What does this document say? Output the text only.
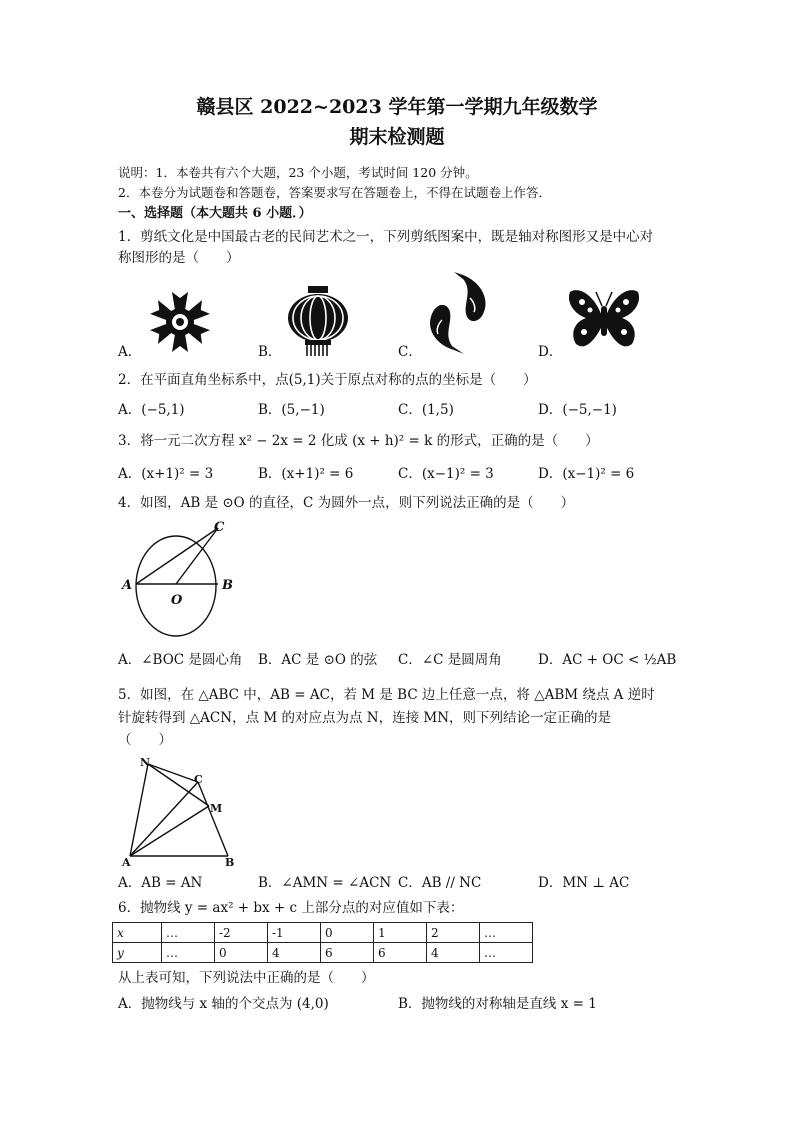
赣县区 2022~2023 学年第一学期九年级数学
期末检测题
说明：1．本卷共有六个大题，23 个小题，考试时间 120 分钟。
2．本卷分为试题卷和答题卷，答案要求写在答题卷上，不得在试题卷上作答．
一、选择题（本大题共 6 小题．）
1．剪纸文化是中国最古老的民间艺术之一，下列剪纸图案中，既是轴对称图形又是中心对
称图形的是（　　）
A．	B．	C．	D．
2．在平面直角坐标系中，点(5,1)关于原点对称的点的坐标是（　　）
A．(−5,1)	B．(5,−1)	C．(1,5)	D．(−5,−1)
3．将一元二次方程 x² − 2x = 2 化成 (x + h)² = k 的形式，正确的是（　　）
A．(x+1)² = 3	B．(x+1)² = 6	C．(x−1)² = 3	D．(x−1)² = 6
4．如图，AB 是 ⊙O 的直径，C 为圆外一点，则下列说法正确的是（　　）
C
A	B
O
A．∠BOC 是圆心角 B．AC 是 ⊙O 的弦 C．∠C 是圆周角	D．AC + OC < ½AB
5．如图，在 △ABC 中，AB = AC，若 M 是 BC 边上任意一点，将 △ABM 绕点 A 逆时
针旋转得到 △ACN，点 M 的对应点为点 N，连接 MN，则下列结论一定正确的是
（　　）
N
C
M
A	B
A．AB = AN	B．∠AMN = ∠ACN C．AB // NC	D．MN ⊥ AC
6．抛物线 y = ax² + bx + c 上部分点的对应值如下表：
x	…	-2	-1	0	1	2	…
y	…	0	4	6	6	4	…
从上表可知，下列说法中正确的是（　　）
A．抛物线与 x 轴的个交点为 (4,0)	B．抛物线的对称轴是直线 x = 1
